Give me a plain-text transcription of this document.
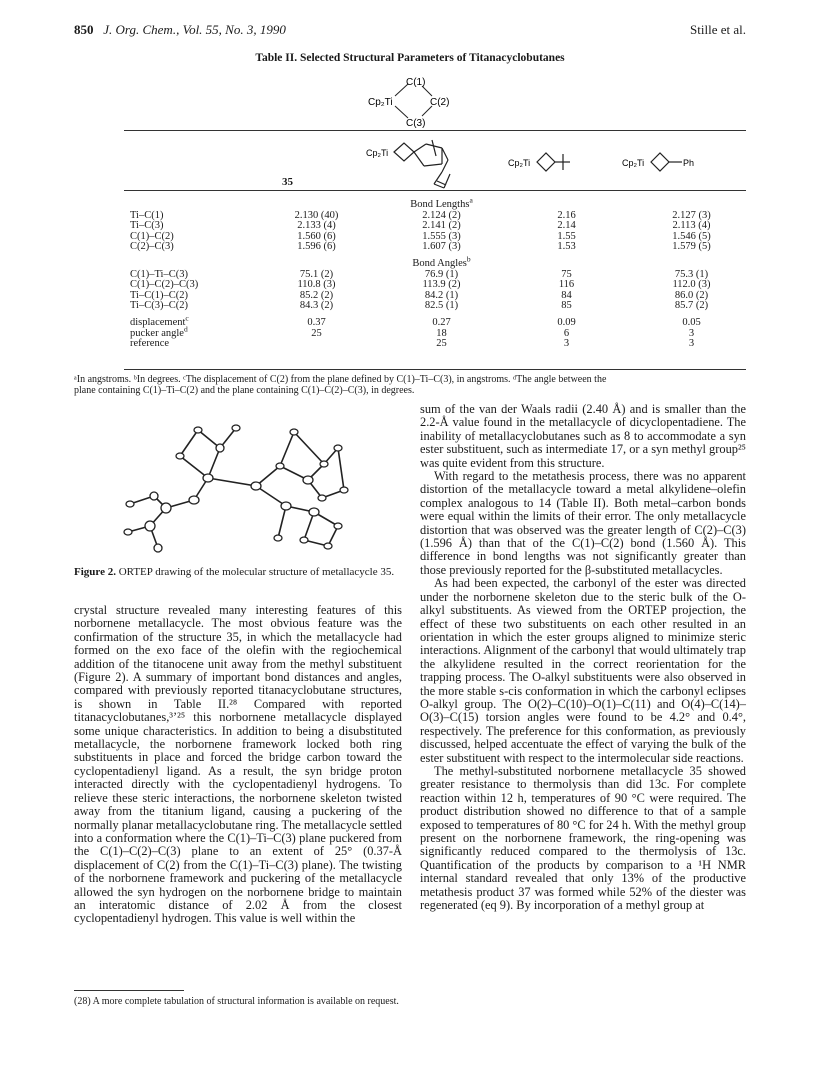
850 J. Org. Chem., Vol. 55, No. 3, 1990	Stille et al.
Table II. Selected Structural Parameters of Titanacyclobutanes
C(1)
C(2)
C(3)
Cp₂Ti
Cp₂Ti
Cp₂Ti	Cp₂Ti	Ph
35
		Bond Lengths$^a$		
Ti–C(1)	2.130 (40)	2.124 (2)	2.16	2.127 (3)
Ti–C(3)	2.133 (4)	2.141 (2)	2.14	2.113 (4)
C(1)–C(2)	1.560 (6)	1.555 (3)	1.55	1.546 (5)
C(2)–C(3)	1.596 (6)	1.607 (3)	1.53	1.579 (5)

		Bond Angles$^b$		
C(1)–Ti–C(3)	75.1 (2)	76.9 (1)	75	75.3 (1)
C(1)–C(2)–C(3)	110.8 (3)	113.9 (2)	116	112.0 (3)
Ti–C(1)–C(2)	85.2 (2)	84.2 (1)	84	86.0 (2)
Ti–C(3)–C(2)	84.3 (2)	82.5 (1)	85	85.7 (2)

displacement$^c$	0.37	0.27	0.09	0.05
pucker angle$^d$	25	18	6	3
reference		25	3	3
ᵃIn angstroms. ᵇIn degrees. ᶜThe displacement of C(2) from the plane defined by C(1)–Ti–C(3), in angstroms. ᵈThe angle between the
plane containing C(1)–Ti–C(2) and the plane containing C(1)–C(2)–C(3), in degrees.
Figure 2. ORTEP drawing of the molecular structure of metallacycle 35.

crystal structure revealed many interesting features of this norbornene metallacycle. The most obvious feature was the confirmation of the structure 35, in which the metallacycle had formed on the exo face of the olefin with the regiochemical addition of the titanocene unit away from the methyl substituent (Figure 2). A summary of important bond distances and angles, compared with previously reported titanacyclobutane structures, is shown in Table II.²⁸ Compared with reported titanacyclobutanes,³ʼ²⁵ this norbornene metallacycle displayed some unique characteristics. In addition to being a disubstituted metallacycle, the norbornene framework locked both ring substituents in place and forced the bridge carbon toward the cyclopentadienyl ligand. As a result, the syn bridge proton interacted directly with the cyclopentadienyl hydrogens. To relieve these steric interactions, the norbornene skeleton twisted away from the titanium ligand, causing a puckering of the normally planar metallacyclobutane ring. The metallacycle settled into a conformation where the C(1)–Ti–C(3) plane puckered from the C(1)–C(2)–C(3) plane to an extent of 25° (0.37-Å displacement of C(2) from the C(1)–Ti–C(3) plane). The twisting of the norbornene framework and puckering of the metallacycle allowed the syn hydrogen on the norbornene bridge to maintain an interatomic distance of 2.02 Å from the closest cyclopentadienyl hydrogen. This value is well within the

(28) A more complete tabulation of structural information is available on request.

sum of the van der Waals radii (2.40 Å) and is smaller than the 2.2-Å value found in the metallacycle of dicyclopentadiene. The inability of metallacyclobutanes such as 8 to accommodate a syn ester substituent, such as intermediate 17, or a syn methyl group²⁵ was quite evident from this structure.

With regard to the metathesis process, there was no apparent distortion of the metallacycle toward a metal alkylidene–olefin complex analogous to 14 (Table II). Both metal–carbon bonds were equal within the limits of their error. The only metallacycle distortion that was observed was the greater length of C(2)–C(3) (1.596 Å) than that of the C(1)–C(2) bond (1.560 Å). This difference in bond lengths was not significantly greater than those previously reported for the β-substituted metallacycles.

As had been expected, the carbonyl of the ester was directed under the norbornene skeleton due to the steric bulk of the O-alkyl substituents. As viewed from the ORTEP projection, the effect of these two substituents on each other resulted in an orientation in which the ester groups aligned to minimize steric interactions. Alignment of the carbonyl that would ultimately trap the alkylidene resulted in the correct reorientation for the trapping process. The O-alkyl substituents were also observed in the more stable s-cis conformation in which the carbonyl eclipses O-alkyl group. The O(2)–C(10)–O(1)–C(11) and O(4)–C(14)–O(3)–C(15) torsion angles were found to be 4.2° and 0.4°, respectively. The preference for this conformation, as previously discussed, helped accentuate the effect of varying the bulk of the ester substituent with respect to the intermolecular side reactions.

The methyl-substituted norbornene metallacycle 35 showed greater resistance to thermolysis than did 13c. For complete reaction within 12 h, temperatures of 90 °C were required. The product distribution showed no difference to that of a sample exposed to temperatures of 80 °C for 24 h. With the methyl group present on the norbornene framework, the ring-opening was significantly reduced compared to the thermolysis of 13c. Quantification of the products by comparison to a ¹H NMR internal standard revealed that only 13% of the productive metathesis product 37 was formed while 52% of the diester was regenerated (eq 9). By incorporation of a methyl group at
